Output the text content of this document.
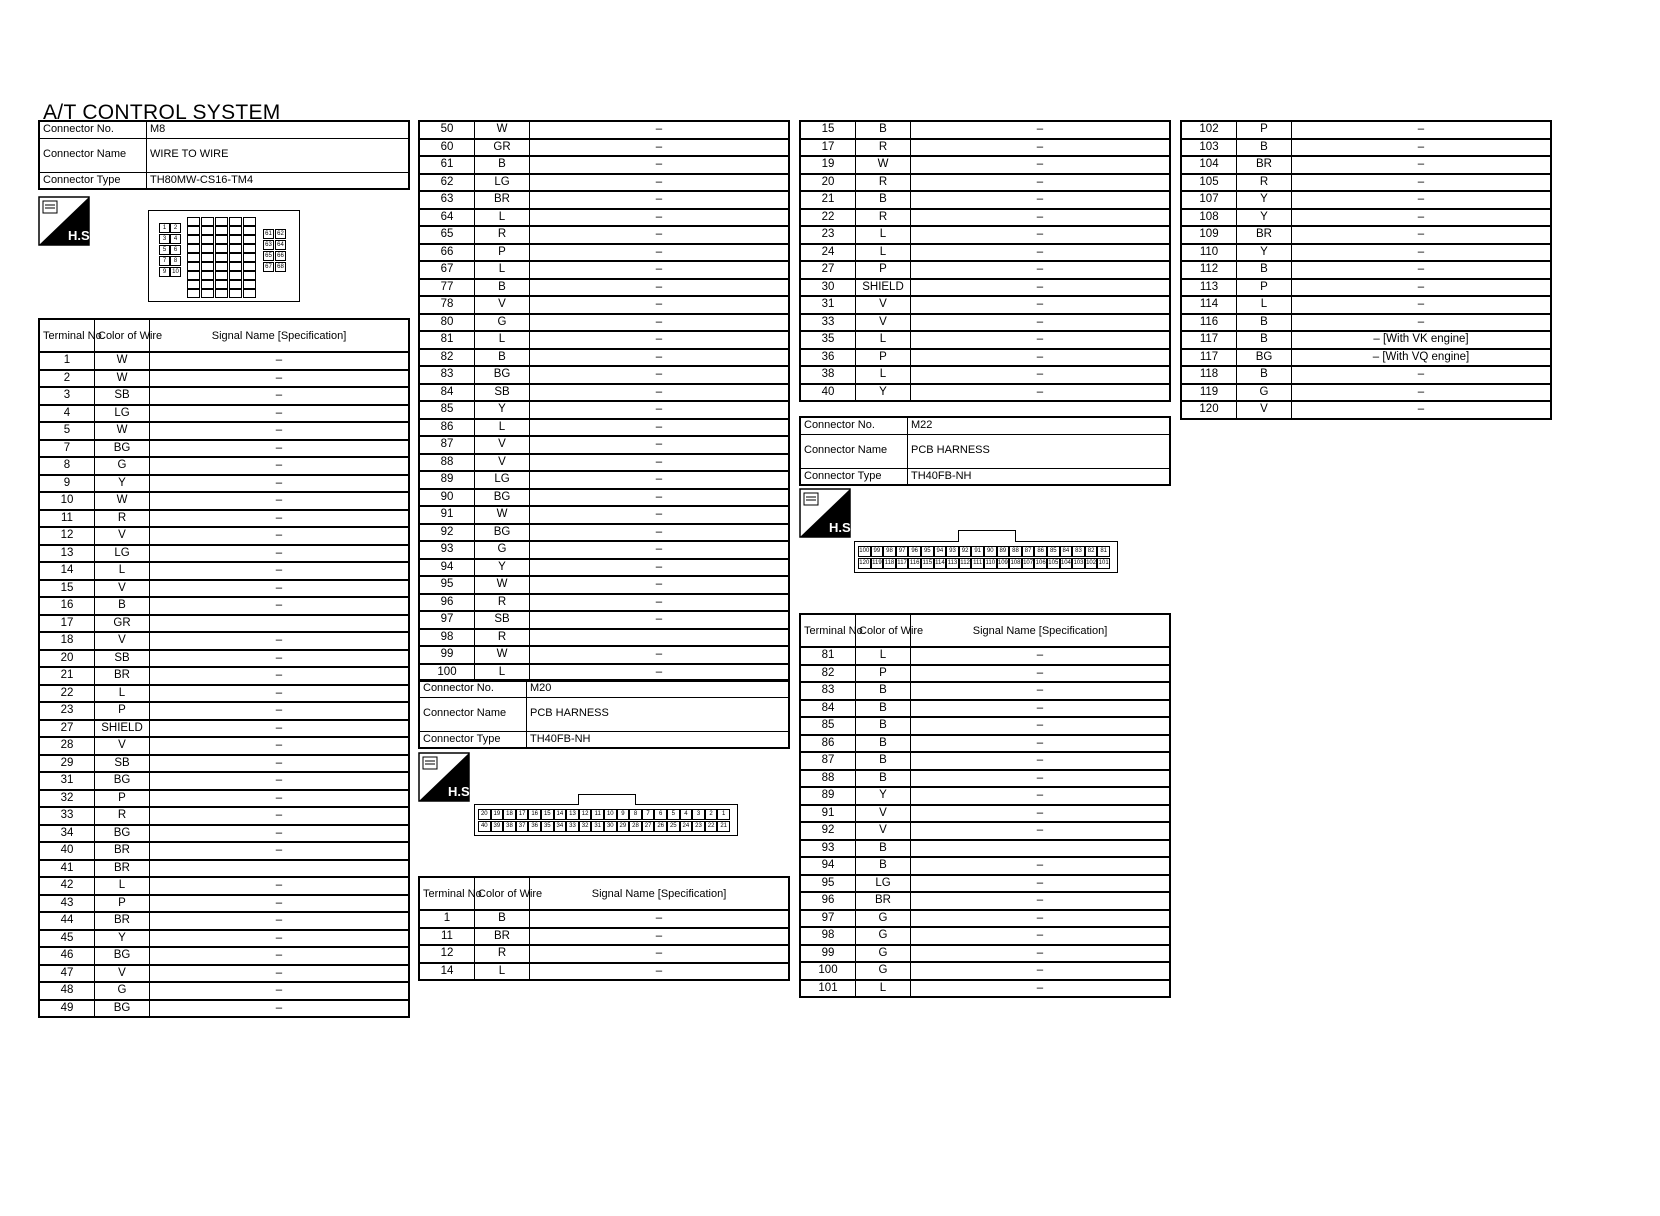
A/T CONTROL SYSTEM
Connector No.	M8
Connector Name	WIRE TO WIRE
Connector Type	TH80MW-CS16-TM4
H.S.	1	2
3	4
5	6
7	8
9 10
61 62
63 64
65 66
67 68
Terminal No.	Color of Wire	Signal Name [Specification]
1	W	–
2	W	–
3	SB	–
4	LG	–
5	W	–
7	BG	–
8	G	–
9	Y	–
10	W	–
11	R	–
12	V	–
13	LG	–
14	L	–
15	V	–
16	B	–
17	GR	
18	V	–
20	SB	–
21	BR	–
22	L	–
23	P	–
27	SHIELD	–
28	V	–
29	SB	–
31	BG	–
32	P	–
33	R	–
34	BG	–
40	BR	–
41	BR	
42	L	–
43	P	–
44	BR	–
45	Y	–
46	BG	–
47	V	–
48	G	–
49	BG	–
50	W	–
60	GR	–
61	B	–
62	LG	–
63	BR	–
64	L	–
65	R	–
66	P	–
67	L	–
77	B	–
78	V	–
80	G	–
81	L	–
82	B	–
83	BG	–
84	SB	–
85	Y	–
86	L	–
87	V	–
88	V	–
89	LG	–
90	BG	–
91	W	–
92	BG	–
93	G	–
94	Y	–
95	W	–
96	R	–
97	SB	–
98	R	
99	W	–
100	L	–
Connector No.	M20
Connector Name	PCB HARNESS
Connector Type	TH40FB-NH
H.S.
20 19 18 17 16 15 14 13 12	11	10	9	8	7	6	5	4	3	2	1
40 39 38 37 36 35 34 33 32 31 30 29 28 27 26 25 24 23 22 21
Terminal No.	Color of Wire	Signal Name [Specification]
1	B	–
11	BR	–
12	R	–
14	L	–
15	B	–
17	R	–
19	W	–
20	R	–
21	B	–
22	R	–
23	L	–
24	L	–
27	P	–
30	SHIELD	–
31	V	–
33	V	–
35	L	–
36	P	–
38	L	–
40	Y	–
Connector No.	M22
Connector Name	PCB HARNESS
Connector Type	TH40FB-NH
H.S.
100 99 98 97 96 95 94 93 92 91 90 89 88 87 86 85 84 83 82 81
120 119 118 117 116 115 114 113 112 111 110 109 108 107 106 105 104 103 102 101
Terminal No.	Color of Wire	Signal Name [Specification]
81	L	–
82	P	–
83	B	–
84	B	–
85	B	–
86	B	–
87	B	–
88	B	–
89	Y	–
91	V	–
92	V	–
93	B	
94	B	–
95	LG	–
96	BR	–
97	G	–
98	G	–
99	G	–
100	G	–
101	L	–
102	P	–
103	B	–
104	BR	–
105	R	–
107	Y	–
108	Y	–
109	BR	–
110	Y	–
112	B	–
113	P	–
114	L	–
116	B	–
117	B	– [With VK engine]
117	BG	– [With VQ engine]
118	B	–
119	G	–
120	V	–
